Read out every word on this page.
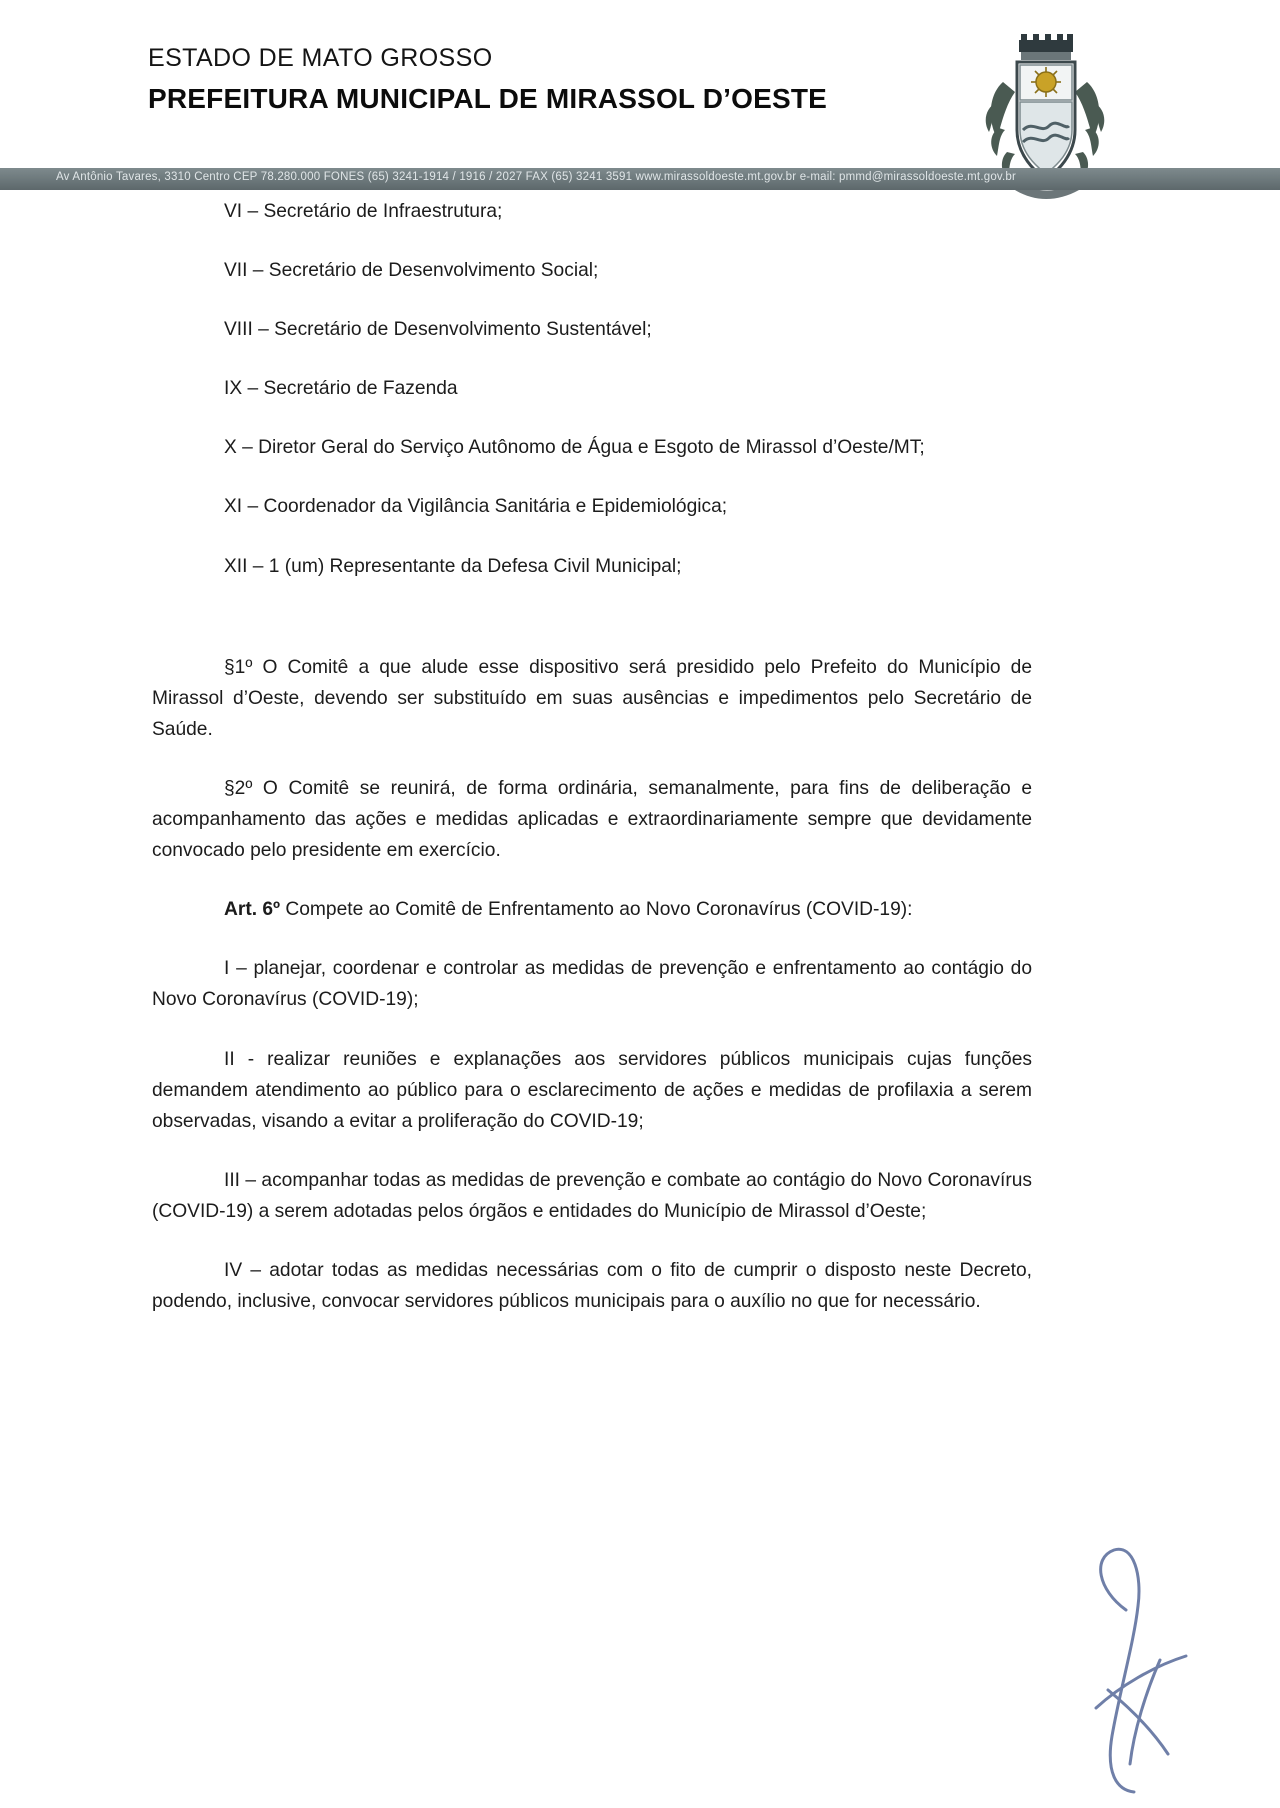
ESTADO DE MATO GROSSO

PREFEITURA MUNICIPAL DE MIRASSOL D’OESTE

Av Antônio Tavares, 3310 Centro CEP 78.280.000 FONES (65) 3241-1914 / 1916 / 2027 FAX (65) 3241 3591 www.mirassoldoeste.mt.gov.br e-mail: pmmd@mirassoldoeste.mt.gov.br

VI – Secretário de Infraestrutura;

VII – Secretário de Desenvolvimento Social;

VIII – Secretário de Desenvolvimento Sustentável;

IX – Secretário de Fazenda

X – Diretor Geral do Serviço Autônomo de Água e Esgoto de Mirassol d’Oeste/MT;

XI – Coordenador da Vigilância Sanitária e Epidemiológica;

XII – 1 (um) Representante da Defesa Civil Municipal;

§1º O Comitê a que alude esse dispositivo será presidido pelo Prefeito do Município de Mirassol d’Oeste, devendo ser substituído em suas ausências e impedimentos pelo Secretário de Saúde.

§2º O Comitê se reunirá, de forma ordinária, semanalmente, para fins de deliberação e acompanhamento das ações e medidas aplicadas e extraordinariamente sempre que devidamente convocado pelo presidente em exercício.

Art. 6º Compete ao Comitê de Enfrentamento ao Novo Coronavírus (COVID-19):

I – planejar, coordenar e controlar as medidas de prevenção e enfrentamento ao contágio do Novo Coronavírus (COVID-19);

II - realizar reuniões e explanações aos servidores públicos municipais cujas funções demandem atendimento ao público para o esclarecimento de ações e medidas de profilaxia a serem observadas, visando a evitar a proliferação do COVID-19;

III – acompanhar todas as medidas de prevenção e combate ao contágio do Novo Coronavírus (COVID-19) a serem adotadas pelos órgãos e entidades do Município de Mirassol d’Oeste;

IV – adotar todas as medidas necessárias com o fito de cumprir o disposto neste Decreto, podendo, inclusive, convocar servidores públicos municipais para o auxílio no que for necessário.
